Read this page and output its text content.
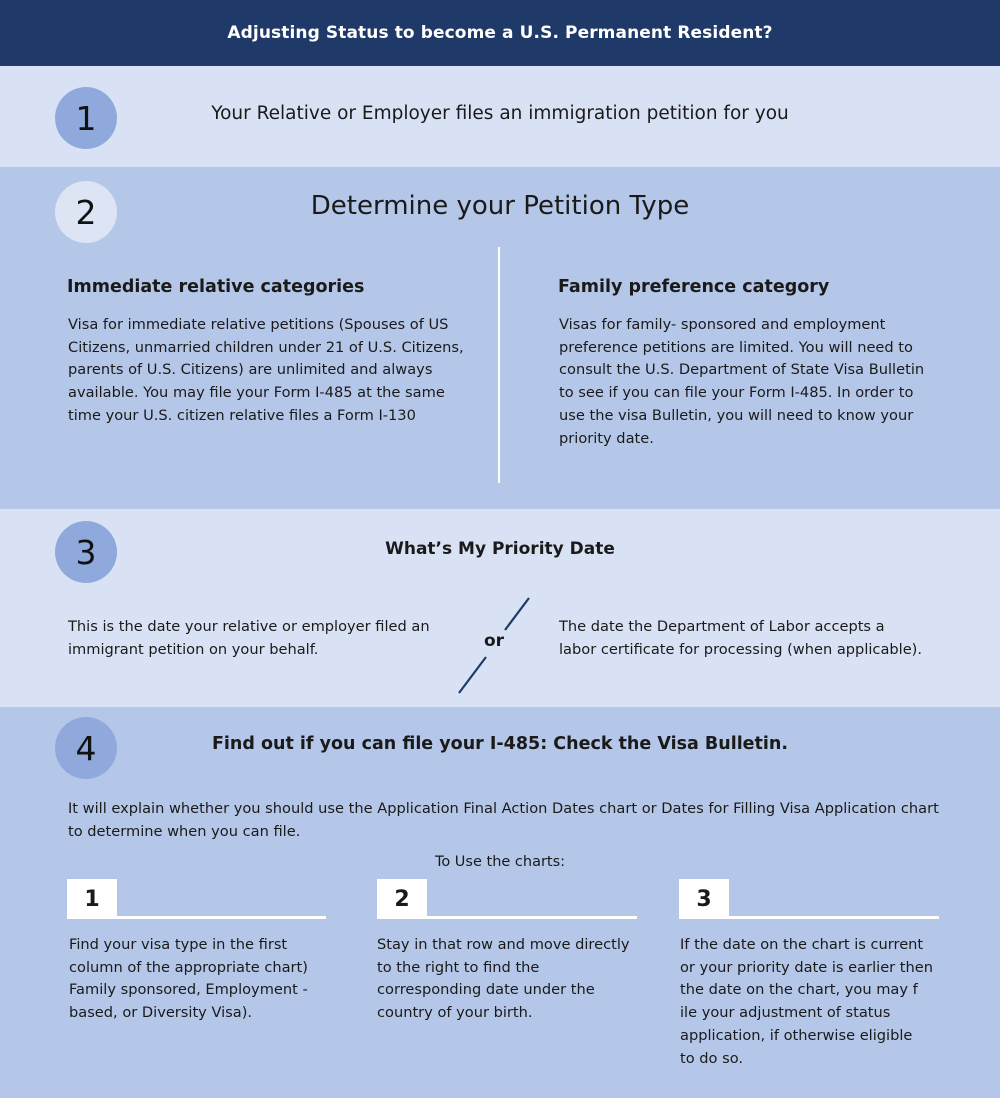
Adjusting Status to become a U.S. Permanent Resident?
1	Your Relative or Employer files an immigration petition for you
2	Determine your Petition Type
Immediate relative categories
Visa for immediate relative petitions (Spouses of US
Citizens, unmarried children under 21 of U.S. Citizens,
parents of U.S. Citizens) are unlimited and always
available. You may file your Form I-485 at the same
time your U.S. citizen relative files a Form I-130
Family preference category
Visas for family- sponsored and employment
preference petitions are limited. You will need to
consult the U.S. Department of State Visa Bulletin
to see if you can file your Form I-485. In order to
use the visa Bulletin, you will need to know your
priority date.
3	What’s My Priority Date
This is the date your relative or employer filed an
immigrant petition on your behalf.	or
The date the Department of Labor accepts a
labor certificate for processing (when applicable).
4	Find out if you can file your I-485: Check the Visa Bulletin.
It will explain whether you should use the Application Final Action Dates chart or Dates for Filling Visa Application chart
to determine when you can file.
To Use the charts:
1
Find your visa type in the first
column of the appropriate chart)
Family sponsored, Employment -
based, or Diversity Visa).
2
Stay in that row and move directly
to the right to find the
corresponding date under the
country of your birth.
3
If the date on the chart is current
or your priority date is earlier then
the date on the chart, you may f
ile your adjustment of status
application, if otherwise eligible
to do so.
